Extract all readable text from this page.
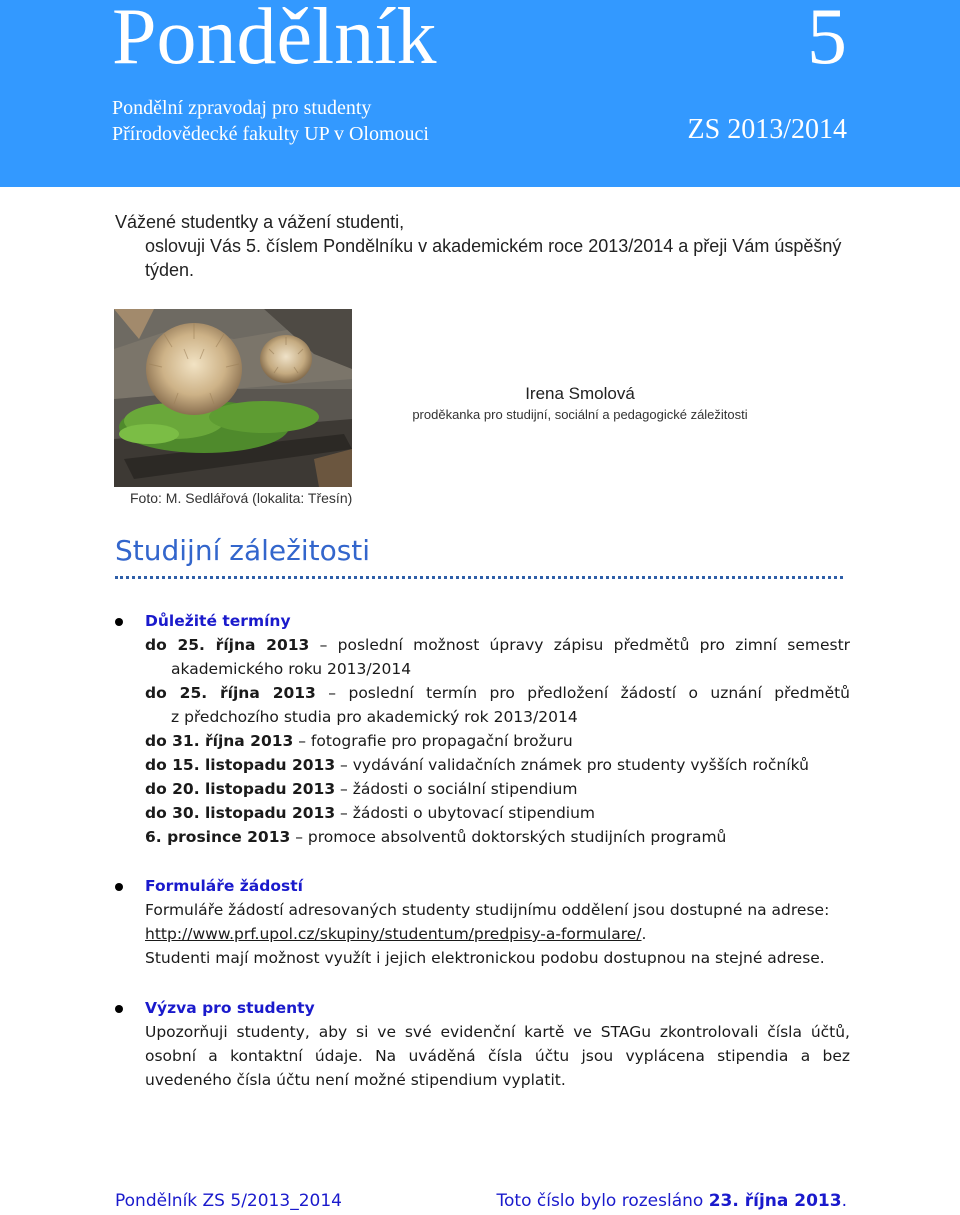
Pondělník	5
Pondělní zpravodaj pro studenty
Přírodovědecké fakulty UP v Olomouci	ZS 2013/2014
Vážené studentky a vážení studenti,
oslovuji Vás 5. číslem Pondělníku v akademickém roce 2013/2014 a přeji Vám úspěšný týden.
Foto: M. Sedlářová (lokalita: Třesín)
Irena Smolová
proděkanka pro studijní, sociální a pedagogické záležitosti
Studijní záležitosti
Důležité termíny
do 25. října 2013 – poslední možnost úpravy zápisu předmětů pro zimní semestr
akademického roku 2013/2014
do 25. října 2013 – poslední termín pro předložení žádostí o uznání předmětů
z předchozího studia pro akademický rok 2013/2014
do 31. října 2013 – fotografie pro propagační brožuru
do 15. listopadu 2013 – vydávání validačních známek pro studenty vyšších ročníků
do 20. listopadu 2013 – žádosti o sociální stipendium
do 30. listopadu 2013 – žádosti o ubytovací stipendium
6. prosince 2013 – promoce absolventů doktorských studijních programů
Formuláře žádostí
Formuláře žádostí adresovaných studenty studijnímu oddělení jsou dostupné na adrese:
http://www.prf.upol.cz/skupiny/studentum/predpisy-a-formulare/.
Studenti mají možnost využít i jejich elektronickou podobu dostupnou na stejné adrese.
Výzva pro studenty
Upozorňuji studenty, aby si ve své evidenční kartě ve STAGu zkontrolovali čísla účtů,
osobní a kontaktní údaje. Na uváděná čísla účtu jsou vyplácena stipendia a bez
uvedeného čísla účtu není možné stipendium vyplatit.
Pondělník ZS 5/2013_2014	Toto číslo bylo rozesláno 23. října 2013.
